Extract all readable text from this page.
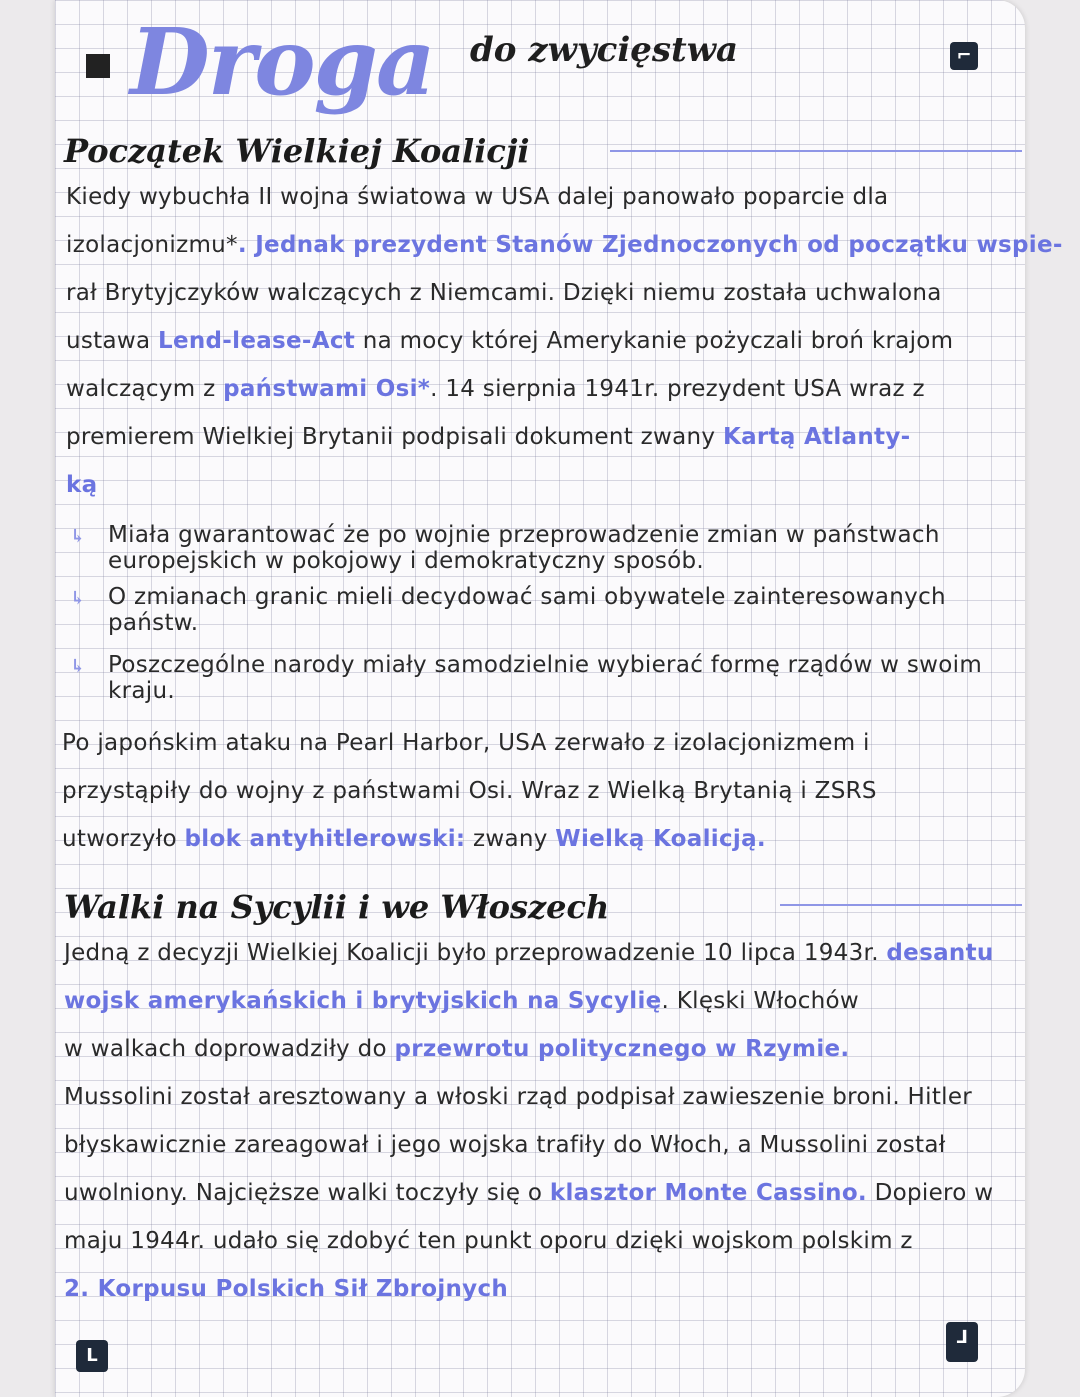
Droga do zwycięstwa	⌐
Początek Wielkiej Koalicji
Kiedy wybuchła II wojna światowa w USA dalej panowało poparcie dla
izolacjonizmu*. Jednak prezydent Stanów Zjednoczonych od początku wspie-
rał Brytyjczyków walczących z Niemcami. Dzięki niemu została uchwalona
ustawa Lend-lease-Act na mocy której Amerykanie pożyczali broń krajom
walczącym z państwami Osi*. 14 sierpnia 1941r. prezydent USA wraz z
premierem Wielkiej Brytanii podpisali dokument zwany Kartą Atlanty-
ką
↳ Miała gwarantować że po wojnie przeprowadzenie zmian w państwach
europejskich w pokojowy i demokratyczny sposób.
↳ O zmianach granic mieli decydować sami obywatele zainteresowanych
państw.
↳ Poszczególne narody miały samodzielnie wybierać formę rządów w swoim
kraju.
Po japońskim ataku na Pearl Harbor, USA zerwało z izolacjonizmem i
przystąpiły do wojny z państwami Osi. Wraz z Wielką Brytanią i ZSRS
utworzyło blok antyhitlerowski: zwany Wielką Koalicją.
Walki na Sycylii i we Włoszech
Jedną z decyzji Wielkiej Koalicji było przeprowadzenie 10 lipca 1943r. desantu
wojsk amerykańskich i brytyjskich na Sycylię. Klęski Włochów
w walkach doprowadziły do przewrotu politycznego w Rzymie.
Mussolini został aresztowany a włoski rząd podpisał zawieszenie broni. Hitler
błyskawicznie zareagował i jego wojska trafiły do Włoch, a Mussolini został
uwolniony. Najcięższe walki toczyły się o klasztor Monte Cassino. Dopiero w
maju 1944r. udało się zdobyć ten punkt oporu dzięki wojskom polskim z
2. Korpusu Polskich Sił Zbrojnych
L
⅃
